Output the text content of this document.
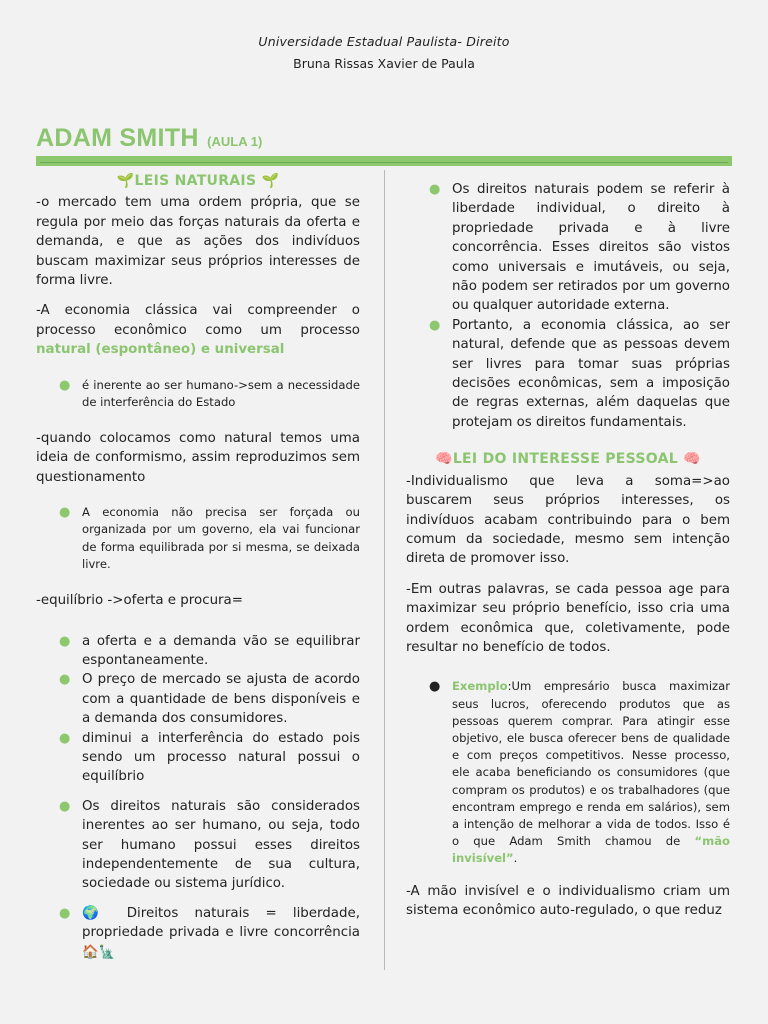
Universidade Estadual Paulista- Direito
Bruna Rissas Xavier de Paula
ADAM SMITH (AULA 1)
🌱LEIS NATURAIS 🌱

-o mercado tem uma ordem própria, que se regula por meio das forças naturais da oferta e demanda, e que as ações dos indivíduos buscam maximizar seus próprios interesses de forma livre.

-A economia clássica vai compreender o processo econômico como um processo natural (espontâneo) e universal

● é inerente ao ser humano->sem a necessidade de interferência do Estado

-quando colocamos como natural temos uma ideia de conformismo, assim reproduzimos sem questionamento

● A economia não precisa ser forçada ou organizada por um governo, ela vai funcionar de forma equilibrada por si mesma, se deixada livre.

-equilíbrio ->oferta e procura=

● a oferta e a demanda vão se equilibrar espontaneamente.
● O preço de mercado se ajusta de acordo com a quantidade de bens disponíveis e a demanda dos consumidores.
● diminui a interferência do estado pois sendo um processo natural possui o equilíbrio
● Os direitos naturais são considerados inerentes ao ser humano, ou seja, todo ser humano possui esses direitos independentemente de sua cultura, sociedade ou sistema jurídico.
● 🌍 Direitos naturais = liberdade, propriedade privada e livre concorrência 🏠🗽
● Os direitos naturais podem se referir à liberdade individual, o direito à propriedade privada e à livre concorrência. Esses direitos são vistos como universais e imutáveis, ou seja, não podem ser retirados por um governo ou qualquer autoridade externa.
● Portanto, a economia clássica, ao ser natural, defende que as pessoas devem ser livres para tomar suas próprias decisões econômicas, sem a imposição de regras externas, além daquelas que protejam os direitos fundamentais.
🧠LEI DO INTERESSE PESSOAL 🧠

-Individualismo que leva a soma=>ao buscarem seus próprios interesses, os indivíduos acabam contribuindo para o bem comum da sociedade, mesmo sem intenção direta de promover isso.

-Em outras palavras, se cada pessoa age para maximizar seu próprio benefício, isso cria uma ordem econômica que, coletivamente, pode resultar no benefício de todos.

● Exemplo:Um empresário busca maximizar seus lucros, oferecendo produtos que as pessoas querem comprar. Para atingir esse objetivo, ele busca oferecer bens de qualidade e com preços competitivos. Nesse processo, ele acaba beneficiando os consumidores (que compram os produtos) e os trabalhadores (que encontram emprego e renda em salários), sem a intenção de melhorar a vida de todos. Isso é o que Adam Smith chamou de “mão invisível”.

-A mão invisível e o individualismo criam um sistema econômico auto-regulado, o que reduz
